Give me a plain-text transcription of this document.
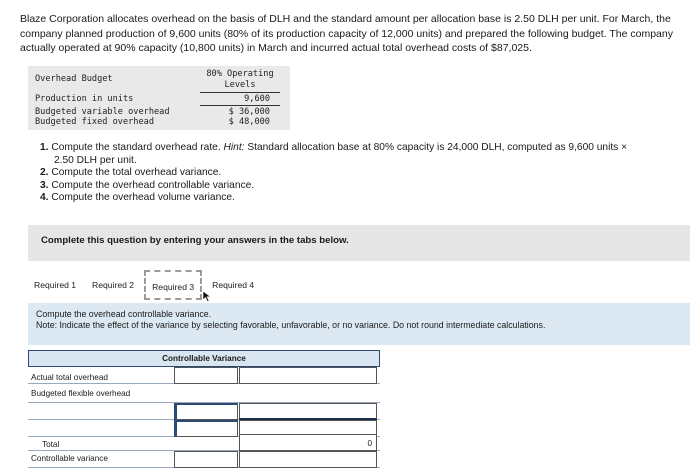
Blaze Corporation allocates overhead on the basis of DLH and the standard amount per allocation base is 2.50 DLH per unit. For March, the company planned production of 9,600 units (80% of its production capacity of 12,000 units) and prepared the following budget. The company actually operated at 90% capacity (10,800 units) in March and incurred actual total overhead costs of $87,025.
Overhead Budget	80% Operating
Levels
Production in units	9,600
Budgeted variable overhead	$ 36,000
Budgeted fixed overhead	$ 48,000
1. Compute the standard overhead rate. Hint: Standard allocation base at 80% capacity is 24,000 DLH, computed as 9,600 units ×
2.50 DLH per unit.
2. Compute the total overhead variance.
3. Compute the overhead controllable variance.
4. Compute the overhead volume variance.
Complete this question by entering your answers in the tabs below.
Required 1	Required 2	Required 3	Required 4
Compute the overhead controllable variance.
Note: Indicate the effect of the variance by selecting favorable, unfavorable, or no variance. Do not round intermediate calculations.
Controllable Variance
Actual total overhead
Budgeted flexible overhead
Total	0
Controllable variance
